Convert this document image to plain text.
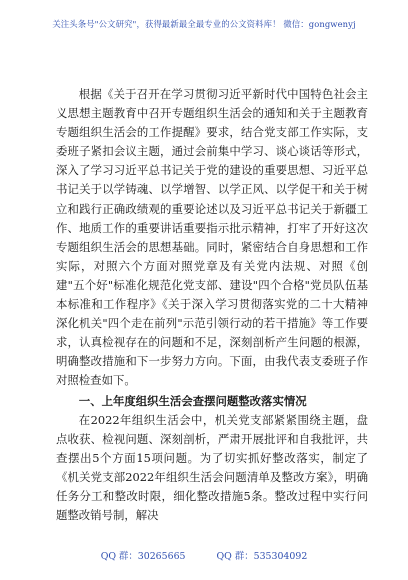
关注头条号"公文研究"，获得最新最全最专业的公文资料库！ 微信：gongwenyj

根据《关于召开在学习贯彻习近平新时代中国特色社会主义思想主题教育中召开专题组织生活会的通知和关于主题教育专题组织生活会的工作提醒》要求，结合党支部工作实际，支委班子紧扣会议主题，通过会前集中学习、谈心谈话等形式，深入了学习习近平总书记关于党的建设的重要思想、习近平总书记关于以学铸魂、以学增智、以学正风、以学促干和关于树立和践行正确政绩观的重要论述以及习近平总书记关于新疆工作、地质工作的重要讲话重要指示批示精神，打牢了开好这次专题组织生活会的思想基础。同时，紧密结合自身思想和工作实际，对照六个方面对照党章及有关党内法规、对照《创建"五个好"标准化规范化党支部、建设"四个合格"党员队伍基本标准和工作程序》《关于深入学习贯彻落实党的二十大精神深化机关"四个走在前列"示范引领行动的若干措施》等工作要求，认真检视存在的问题和不足，深刻剖析产生问题的根源，明确整改措施和下一步努力方向。下面，由我代表支委班子作对照检查如下。

一、上年度组织生活会查摆问题整改落实情况

在2022年组织生活会中，机关党支部紧紧围绕主题，盘点收获、检视问题、深刻剖析，严肃开展批评和自我批评，共查摆出5个方面15项问题。为了切实抓好整改落实，制定了《机关党支部2022年组织生活会问题清单及整改方案》，明确任务分工和整改时限，细化整改措施5条。整改过程中实行问题整改销号制，解决

QQ 群：30265665	QQ 群：535304092
